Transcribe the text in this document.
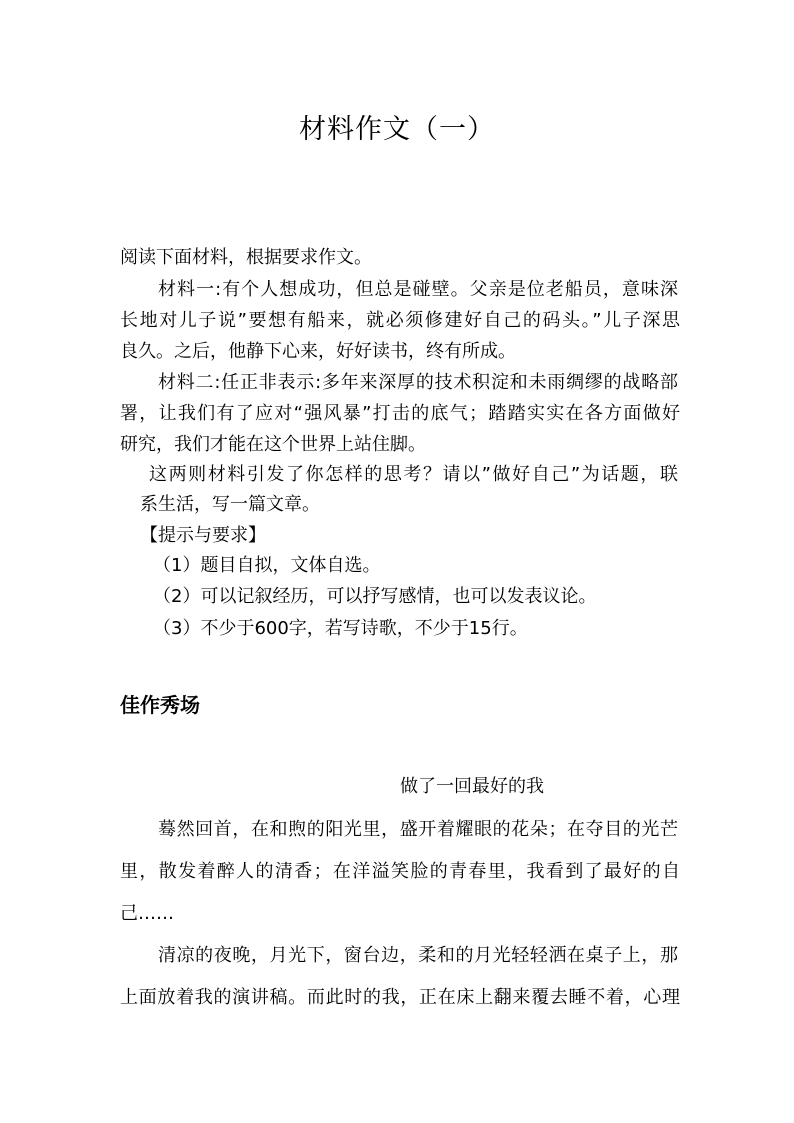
材料作文（一）
阅读下面材料，根据要求作文。
材料一:有个人想成功，但总是碰壁。父亲是位老船员，意味深
长地对儿子说”要想有船来，就必须修建好自己的码头。”儿子深思
良久。之后，他静下心来，好好读书，终有所成。
材料二:任正非表示:多年来深厚的技术积淀和未雨绸缪的战略部
署，让我们有了应对“强风暴”打击的底气；踏踏实实在各方面做好
研究，我们才能在这个世界上站住脚。
这两则材料引发了你怎样的思考？请以”做好自己”为话题，联
系生活，写一篇文章。
【提示与要求】
（1）题目自拟，文体自选。
（2）可以记叙经历，可以抒写感情，也可以发表议论。
（3）不少于600字，若写诗歌，不少于15行。
佳作秀场
做了一回最好的我
蓦然回首，在和煦的阳光里，盛开着耀眼的花朵；在夺目的光芒
里，散发着醉人的清香；在洋溢笑脸的青春里，我看到了最好的自
己……
清凉的夜晚，月光下，窗台边，柔和的月光轻轻洒在桌子上，那
上面放着我的演讲稿。而此时的我，正在床上翻来覆去睡不着，心理
